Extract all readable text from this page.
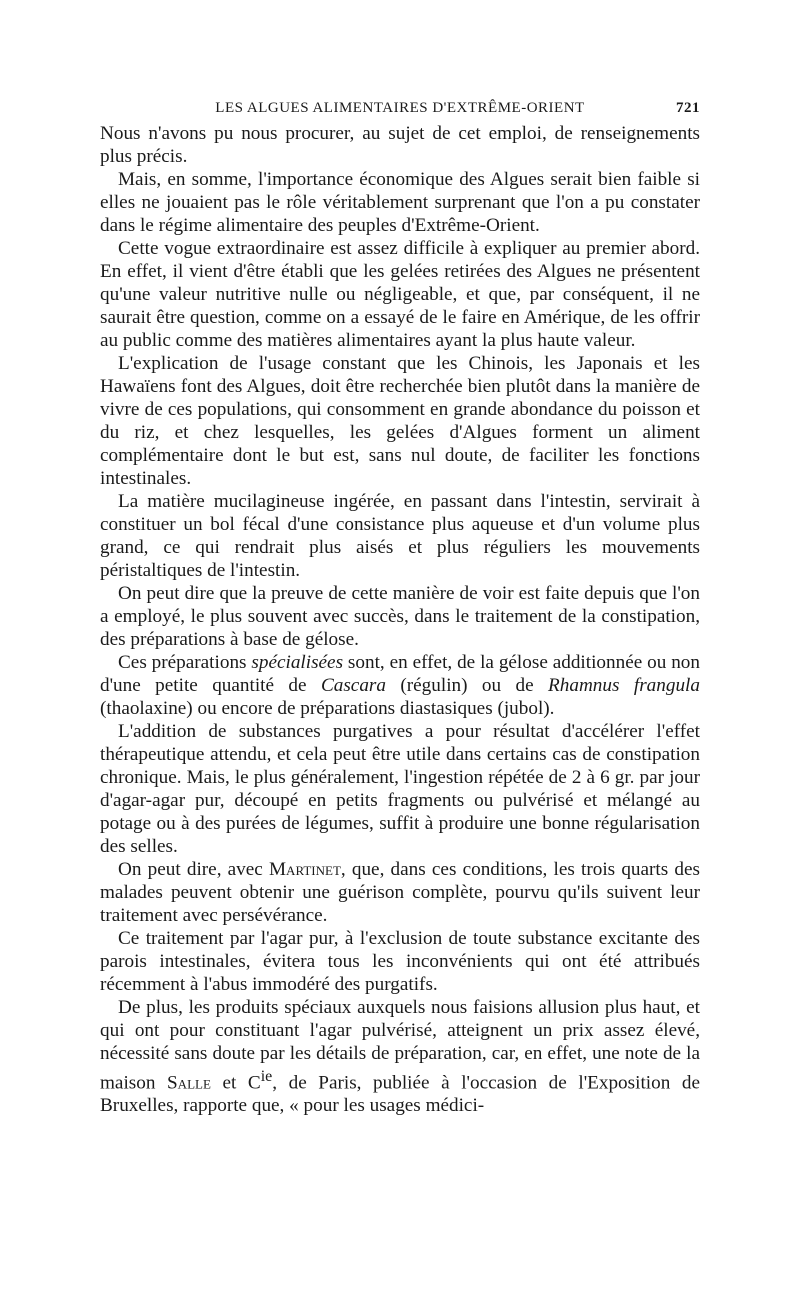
LES ALGUES ALIMENTAIRES D'EXTRÊME-ORIENT	721

Nous n'avons pu nous procurer, au sujet de cet emploi, de renseignements plus précis.

Mais, en somme, l'importance économique des Algues serait bien faible si elles ne jouaient pas le rôle véritablement surprenant que l'on a pu constater dans le régime alimentaire des peuples d'Extrême-Orient.

Cette vogue extraordinaire est assez difficile à expliquer au premier abord. En effet, il vient d'être établi que les gelées retirées des Algues ne présentent qu'une valeur nutritive nulle ou négligeable, et que, par conséquent, il ne saurait être question, comme on a essayé de le faire en Amérique, de les offrir au public comme des matières alimentaires ayant la plus haute valeur.

L'explication de l'usage constant que les Chinois, les Japonais et les Hawaïens font des Algues, doit être recherchée bien plutôt dans la manière de vivre de ces populations, qui consomment en grande abondance du poisson et du riz, et chez lesquelles, les gelées d'Algues forment un aliment complémentaire dont le but est, sans nul doute, de faciliter les fonctions intestinales.

La matière mucilagineuse ingérée, en passant dans l'intestin, servirait à constituer un bol fécal d'une consistance plus aqueuse et d'un volume plus grand, ce qui rendrait plus aisés et plus réguliers les mouvements péristaltiques de l'intestin.

On peut dire que la preuve de cette manière de voir est faite depuis que l'on a employé, le plus souvent avec succès, dans le traitement de la constipation, des préparations à base de gélose.

Ces préparations spécialisées sont, en effet, de la gélose additionnée ou non d'une petite quantité de Cascara (régulin) ou de Rhamnus frangula (thaolaxine) ou encore de préparations diastasiques (jubol).

L'addition de substances purgatives a pour résultat d'accélérer l'effet thérapeutique attendu, et cela peut être utile dans certains cas de constipation chronique. Mais, le plus généralement, l'ingestion répétée de 2 à 6 gr. par jour d'agar-agar pur, découpé en petits fragments ou pulvérisé et mélangé au potage ou à des purées de légumes, suffit à produire une bonne régularisation des selles.

On peut dire, avec Martinet, que, dans ces conditions, les trois quarts des malades peuvent obtenir une guérison complète, pourvu qu'ils suivent leur traitement avec persévérance.

Ce traitement par l'agar pur, à l'exclusion de toute substance excitante des parois intestinales, évitera tous les inconvénients qui ont été attribués récemment à l'abus immodéré des purgatifs.

De plus, les produits spéciaux auxquels nous faisions allusion plus haut, et qui ont pour constituant l'agar pulvérisé, atteignent un prix assez élevé, nécessité sans doute par les détails de préparation, car, en effet, une note de la maison Salle et $C^{ie}$, de Paris, publiée à l'occasion de l'Exposition de Bruxelles, rapporte que, « pour les usages médici-
